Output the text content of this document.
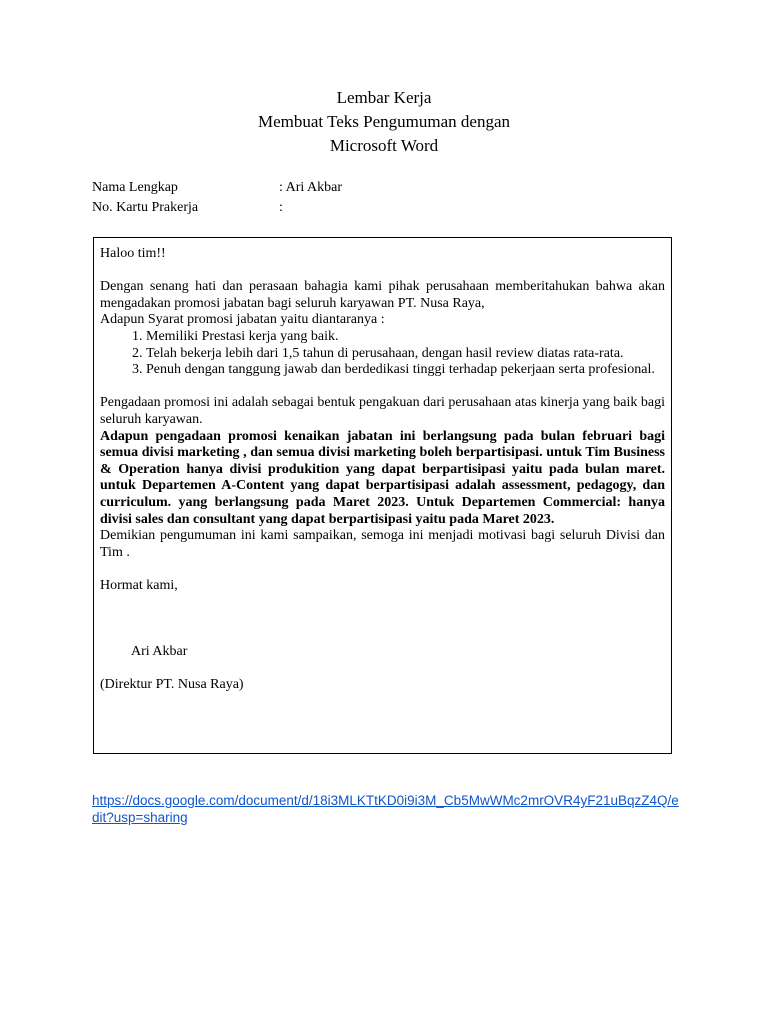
Lembar Kerja
Membuat Teks Pengumuman dengan
Microsoft Word
Nama Lengkap	: Ari Akbar
No. Kartu Prakerja	:

Haloo tim!!

Dengan senang hati dan perasaan bahagia kami pihak perusahaan memberitahukan bahwa akan mengadakan promosi jabatan bagi seluruh karyawan PT. Nusa Raya,

Adapun Syarat promosi jabatan yaitu diantaranya :

1. Memiliki Prestasi kerja yang baik.
2. Telah bekerja lebih dari 1,5 tahun di perusahaan, dengan hasil review diatas rata-rata.
3. Penuh dengan tanggung jawab dan berdedikasi tinggi terhadap pekerjaan serta profesional.

Pengadaan promosi ini adalah sebagai bentuk pengakuan dari perusahaan atas kinerja yang baik bagi seluruh karyawan.

Adapun pengadaan promosi kenaikan jabatan ini berlangsung pada bulan februari bagi semua divisi marketing , dan semua divisi marketing boleh berpartisipasi. untuk Tim Business & Operation hanya divisi produkition yang dapat berpartisipasi yaitu pada bulan maret. untuk Departemen A-Content yang dapat berpartisipasi adalah assessment, pedagogy, dan curriculum. yang berlangsung pada Maret 2023. Untuk Departemen Commercial: hanya divisi sales dan consultant yang dapat berpartisipasi yaitu pada Maret 2023.

Demikian pengumuman ini kami sampaikan, semoga ini menjadi motivasi bagi seluruh Divisi dan Tim .

Hormat kami,

Ari Akbar

(Direktur PT. Nusa Raya)

https://docs.google.com/document/d/18i3MLKTtKD0i9i3M_Cb5MwWMc2mrOVR4yF21uBqzZ4Q/edit?usp=sharing
